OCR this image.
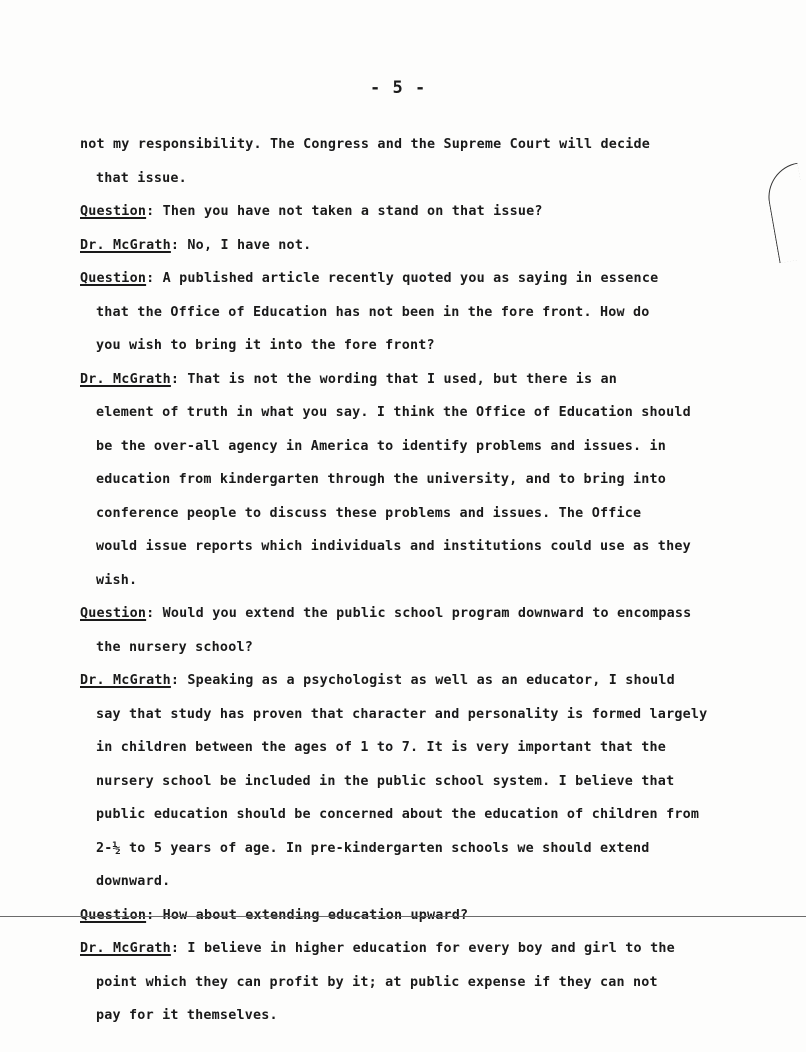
- 5 -
not my responsibility. The Congress and the Supreme Court will decide
that issue.
Question: Then you have not taken a stand on that issue?
Dr. McGrath: No, I have not.
Question: A published article recently quoted you as saying in essence
that the Office of Education has not been in the fore front. How do
you wish to bring it into the fore front?
Dr. McGrath: That is not the wording that I used, but there is an
element of truth in what you say. I think the Office of Education should
be the over-all agency in America to identify problems and issues. in
education from kindergarten through the university, and to bring into
conference people to discuss these problems and issues. The Office
would issue reports which individuals and institutions could use as they
wish.
Question: Would you extend the public school program downward to encompass
the nursery school?
Dr. McGrath: Speaking as a psychologist as well as an educator, I should
say that study has proven that character and personality is formed largely
in children between the ages of 1 to 7. It is very important that the
nursery school be included in the public school system. I believe that
public education should be concerned about the education of children from
2-½ to 5 years of age. In pre-kindergarten schools we should extend
downward.
Question: How about extending education upward?
Dr. McGrath: I believe in higher education for every boy and girl to the
point which they can profit by it; at public expense if they can not
pay for it themselves.
